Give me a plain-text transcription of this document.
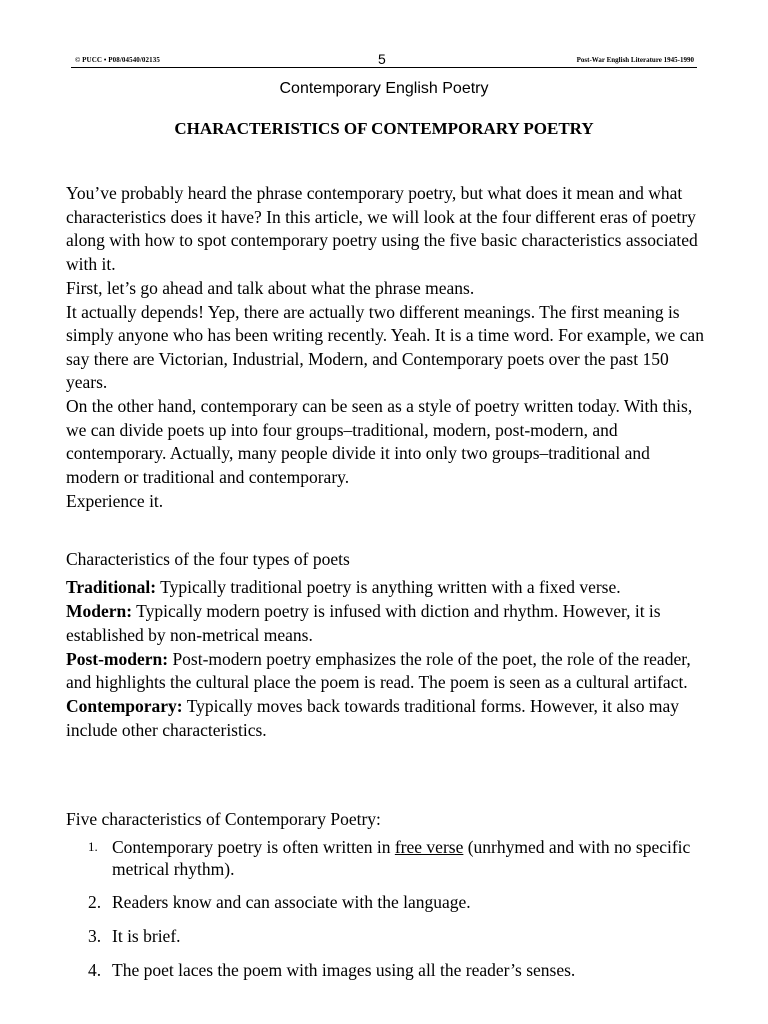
© PUCC • P08/04540/02135	5	Post-War English Literature 1945-1990
Contemporary English Poetry
CHARACTERISTICS OF CONTEMPORARY POETRY

You’ve probably heard the phrase contemporary poetry, but what does it mean and what characteristics does it have? In this article, we will look at the four different eras of poetry along with how to spot contemporary poetry using the five basic characteristics associated with it.

First, let’s go ahead and talk about what the phrase means.

It actually depends! Yep, there are actually two different meanings. The first meaning is simply anyone who has been writing recently. Yeah. It is a time word. For example, we can say there are Victorian, Industrial, Modern, and Contemporary poets over the past 150 years.

On the other hand, contemporary can be seen as a style of poetry written today. With this, we can divide poets up into four groups–traditional, modern, post-modern, and contemporary. Actually, many people divide it into only two groups–traditional and modern or traditional and contemporary.

Experience it.

Characteristics of the four types of poets

Traditional: Typically traditional poetry is anything written with a fixed verse.

Modern: Typically modern poetry is infused with diction and rhythm. However, it is established by non-metrical means.

Post-modern: Post-modern poetry emphasizes the role of the poet, the role of the reader, and highlights the cultural place the poem is read. The poem is seen as a cultural artifact.

Contemporary: Typically moves back towards traditional forms. However, it also may include other characteristics.

Five characteristics of Contemporary Poetry:
1. Contemporary poetry is often written in free verse (unrhymed and with no specific metrical rhythm).
2. Readers know and can associate with the language.
3. It is brief.
4. The poet laces the poem with images using all the reader’s senses.
